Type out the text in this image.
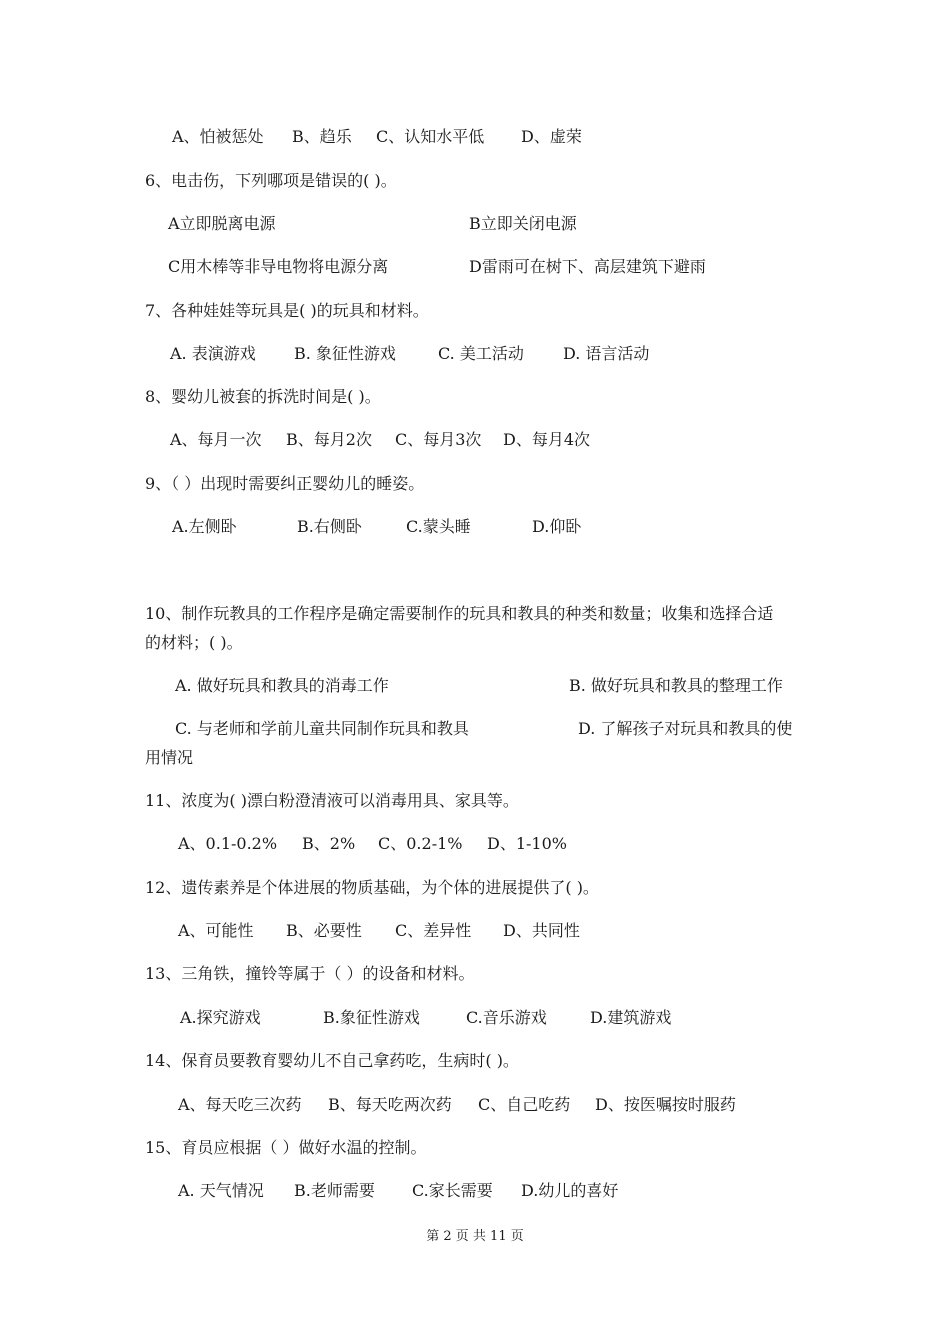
A、怕被惩处 B、趋乐 C、认知水平低 D、虚荣
6、电击伤，下列哪项是错误的( )。
A立即脱离电源	B立即关闭电源
C用木棒等非导电物将电源分离	D雷雨可在树下、高层建筑下避雨
7、各种娃娃等玩具是( )的玩具和材料。
A. 表演游戏 B. 象征性游戏	C. 美工活动 D. 语言活动
8、婴幼儿被套的拆洗时间是( )。
A、每月一次 B、每月2次 C、每月3次 D、每月4次
9、（ ）出现时需要纠正婴幼儿的睡姿。
A.左侧卧	B.右侧卧	C.蒙头睡	D.仰卧
10、制作玩教具的工作程序是确定需要制作的玩具和教具的种类和数量；收集和选择合适
的材料；( )。
A. 做好玩具和教具的消毒工作	B. 做好玩具和教具的整理工作
C. 与老师和学前儿童共同制作玩具和教具	D. 了解孩子对玩具和教具的使
用情况
11、浓度为( )漂白粉澄清液可以消毒用具、家具等。
A、0.1-0.2% B、2% C、0.2-1% D、1-10%
12、遗传素养是个体进展的物质基础，为个体的进展提供了( )。
A、可能性 B、必要性 C、差异性 D、共同性
13、三角铁，撞铃等属于（ ）的设备和材料。
A.探究游戏	B.象征性游戏	C.音乐游戏	D.建筑游戏
14、保育员要教育婴幼儿不自己拿药吃，生病时( )。
A、每天吃三次药 B、每天吃两次药 C、自己吃药 D、按医嘱按时服药
15、育员应根据（ ）做好水温的控制。
A. 天气情况 B.老师需要 C.家长需要 D.幼儿的喜好
第 2 页 共 11 页
